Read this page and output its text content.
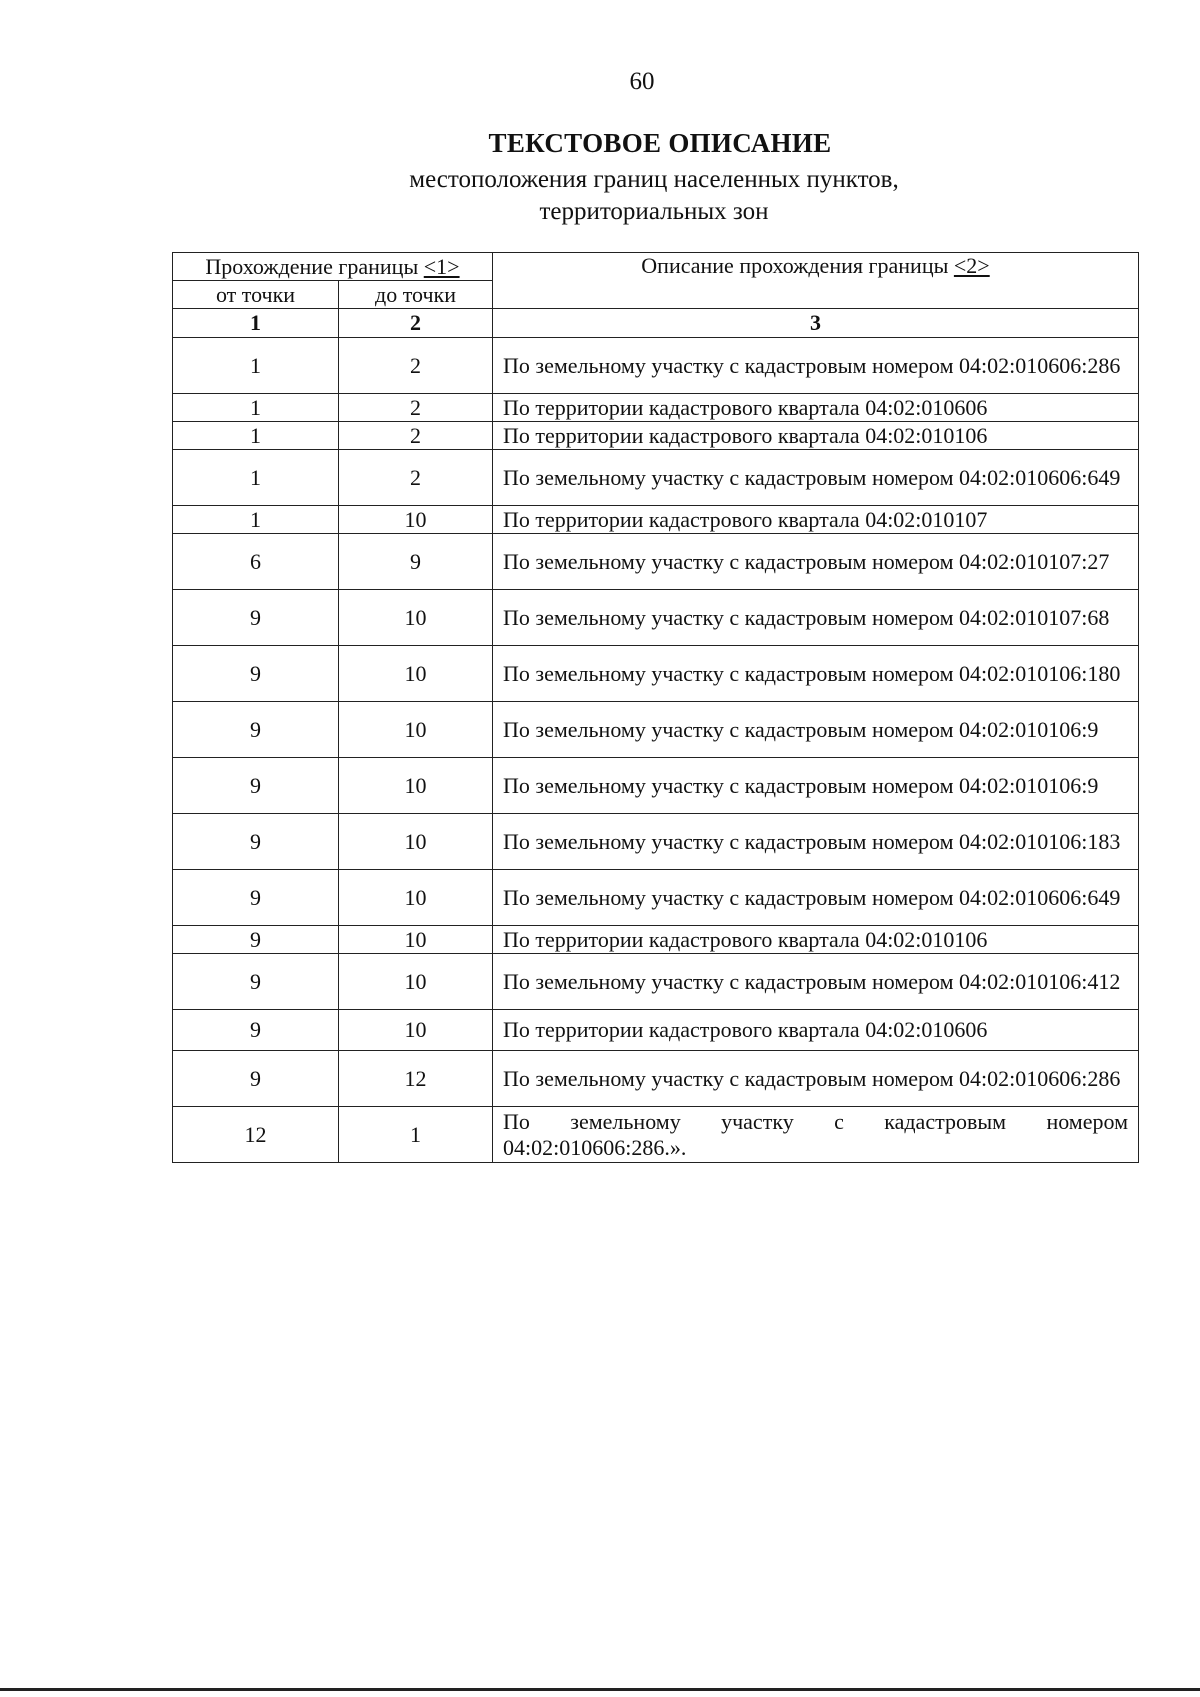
60
ТЕКСТОВОЕ ОПИСАНИЕ
местоположения границ населенных пунктов,
территориальных зон
Прохождение границы <1>		Описание прохождения границы <2>
от точки	до точки	
1	2	3
1	2	По земельному участку с кадастровым номером 04:02:010606:286
1	2	По территории кадастрового квартала 04:02:010606
1	2	По территории кадастрового квартала 04:02:010106
1	2	По земельному участку с кадастровым номером 04:02:010606:649
1	10	По территории кадастрового квартала 04:02:010107
6	9	По земельному участку с кадастровым номером 04:02:010107:27
9	10	По земельному участку с кадастровым номером 04:02:010107:68
9	10	По земельному участку с кадастровым номером 04:02:010106:180
9	10	По земельному участку с кадастровым номером 04:02:010106:9
9	10	По земельному участку с кадастровым номером 04:02:010106:9
9	10	По земельному участку с кадастровым номером 04:02:010106:183
9	10	По земельному участку с кадастровым номером 04:02:010606:649
9	10	По территории кадастрового квартала 04:02:010106
9	10	По земельному участку с кадастровым номером 04:02:010106:412
9	10	По территории кадастрового квартала 04:02:010606
9	12	По земельному участку с кадастровым номером 04:02:010606:286
12	1	По земельному участку с кадастровым номером 04:02:010606:286.».
